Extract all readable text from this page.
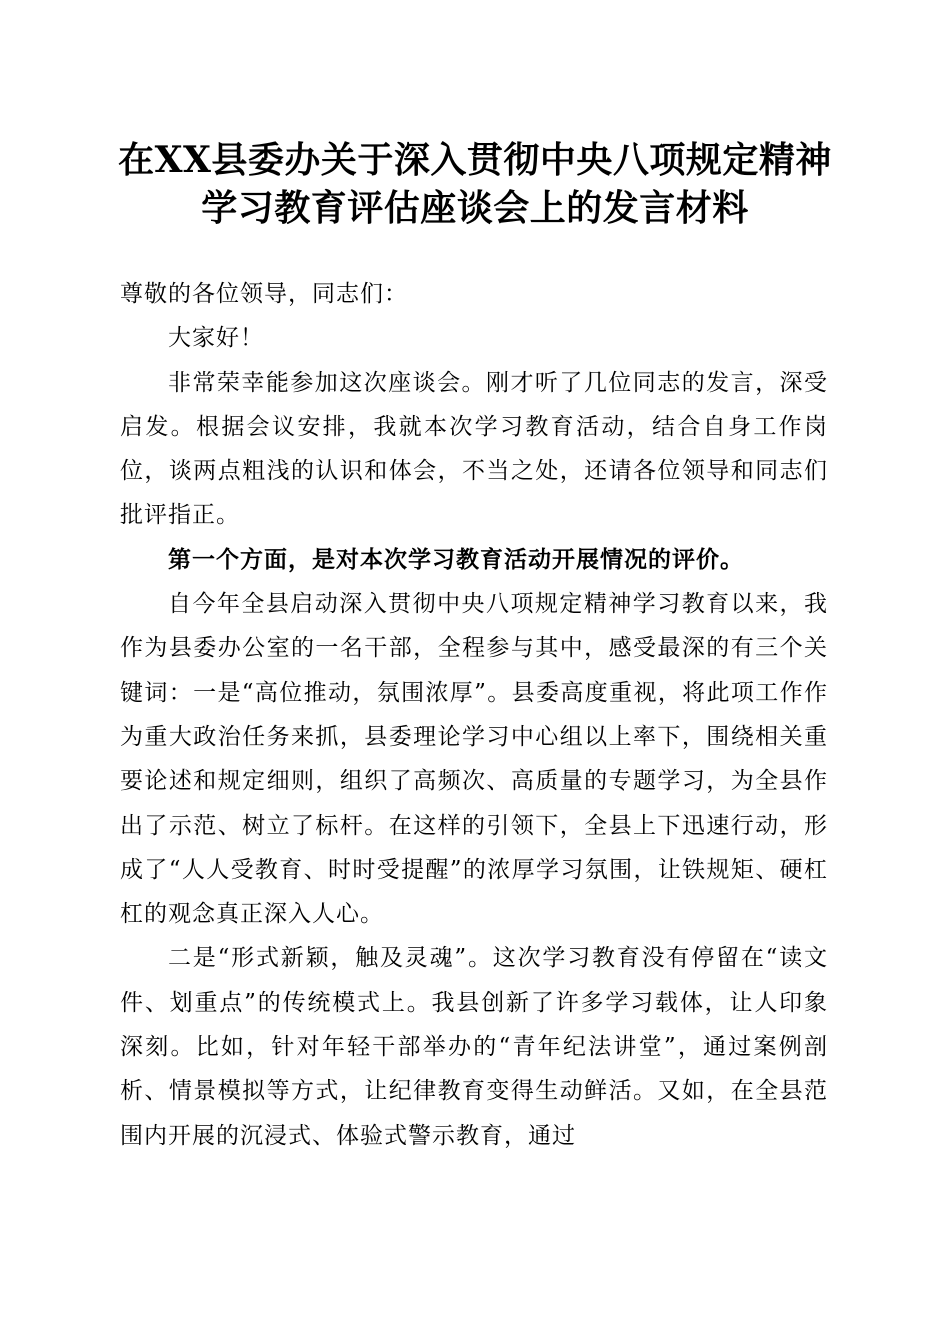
在XX县委办关于深入贯彻中央八项规定精神
学习教育评估座谈会上的发言材料

尊敬的各位领导，同志们：

大家好！

非常荣幸能参加这次座谈会。刚才听了几位同志的发言，深受启发。根据会议安排，我就本次学习教育活动，结合自身工作岗位，谈两点粗浅的认识和体会，不当之处，还请各位领导和同志们批评指正。

第一个方面，是对本次学习教育活动开展情况的评价。

自今年全县启动深入贯彻中央八项规定精神学习教育以来，我作为县委办公室的一名干部，全程参与其中，感受最深的有三个关键词：一是“高位推动，氛围浓厚”。县委高度重视，将此项工作作为重大政治任务来抓，县委理论学习中心组以上率下，围绕相关重要论述和规定细则，组织了高频次、高质量的专题学习，为全县作出了示范、树立了标杆。在这样的引领下，全县上下迅速行动，形成了“人人受教育、时时受提醒”的浓厚学习氛围，让铁规矩、硬杠杠的观念真正深入人心。

二是“形式新颖，触及灵魂”。这次学习教育没有停留在“读文件、划重点”的传统模式上。我县创新了许多学习载体，让人印象深刻。比如，针对年轻干部举办的“青年纪法讲堂”，通过案例剖析、情景模拟等方式，让纪律教育变得生动鲜活。又如，在全县范围内开展的沉浸式、体验式警示教育，通过
